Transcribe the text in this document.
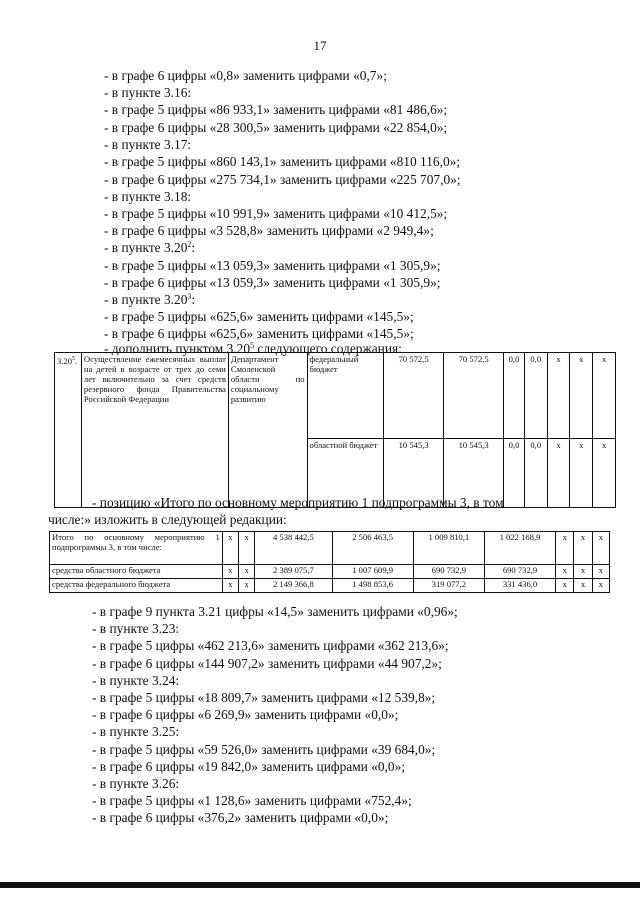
17
- в графе 6 цифры «0,8» заменить цифрами «0,7»;
- в пункте 3.16:
- в графе 5 цифры «86 933,1» заменить цифрами «81 486,6»;
- в графе 6 цифры «28 300,5» заменить цифрами «22 854,0»;
- в пункте 3.17:
- в графе 5 цифры «860 143,1» заменить цифрами «810 116,0»;
- в графе 6 цифры «275 734,1» заменить цифрами «225 707,0»;
- в пункте 3.18:
- в графе 5 цифры «10 991,9» заменить цифрами «10 412,5»;
- в графе 6 цифры «3 528,8» заменить цифрами «2 949,4»;
- в пункте 3.20$^2$:
- в графе 5 цифры «13 059,3» заменить цифрами «1 305,9»;
- в графе 6 цифры «13 059,3» заменить цифрами «1 305,9»;
- в пункте 3.20$^3$:
- в графе 5 цифры «625,6» заменить цифрами «145,5»;
- в графе 6 цифры «625,6» заменить цифрами «145,5»;
- дополнить пунктом 3.20$^5$ следующего содержания:
3.20$^5$.	Осуществление ежемесячных выплат на детей в возрасте от трех до семи лет включительно за счет средств резервного фонда Правительства Российской Федерации	Департамент Смоленской области по социальному развитию	федеральный бюджет	70 572,5	70 572,5	0,0	0,0	x	x	x
			областной бюджет	10 545,3	10 545,3	0,0	0,0	x	x	x
- позицию «Итого по основному мероприятию 1 подпрограммы 3, в том
числе:» изложить в следующей редакции:
Итого по основному мероприятию 1 подпрограммы 3, в том числе:	x	x	4 538 442,5	2 506 463,5	1 009 810,1	1 022 168,9	x	x	x
средства областного бюджета	x	x	2 389 075,7	1 007 609,9	690 732,9	690 732,9	x	x	x
средства федерального бюджета	x	x	2 149 366,8	1 498 853,6	319 077,2	331 436,0	x	x	x
- в графе 9 пункта 3.21 цифры «14,5» заменить цифрами «0,96»;
- в пункте 3.23:
- в графе 5 цифры «462 213,6» заменить цифрами «362 213,6»;
- в графе 6 цифры «144 907,2» заменить цифрами «44 907,2»;
- в пункте 3.24:
- в графе 5 цифры «18 809,7» заменить цифрами «12 539,8»;
- в графе 6 цифры «6 269,9» заменить цифрами «0,0»;
- в пункте 3.25:
- в графе 5 цифры «59 526,0» заменить цифрами «39 684,0»;
- в графе 6 цифры «19 842,0» заменить цифрами «0,0»;
- в пункте 3.26:
- в графе 5 цифры «1 128,6» заменить цифрами «752,4»;
- в графе 6 цифры «376,2» заменить цифрами «0,0»;
